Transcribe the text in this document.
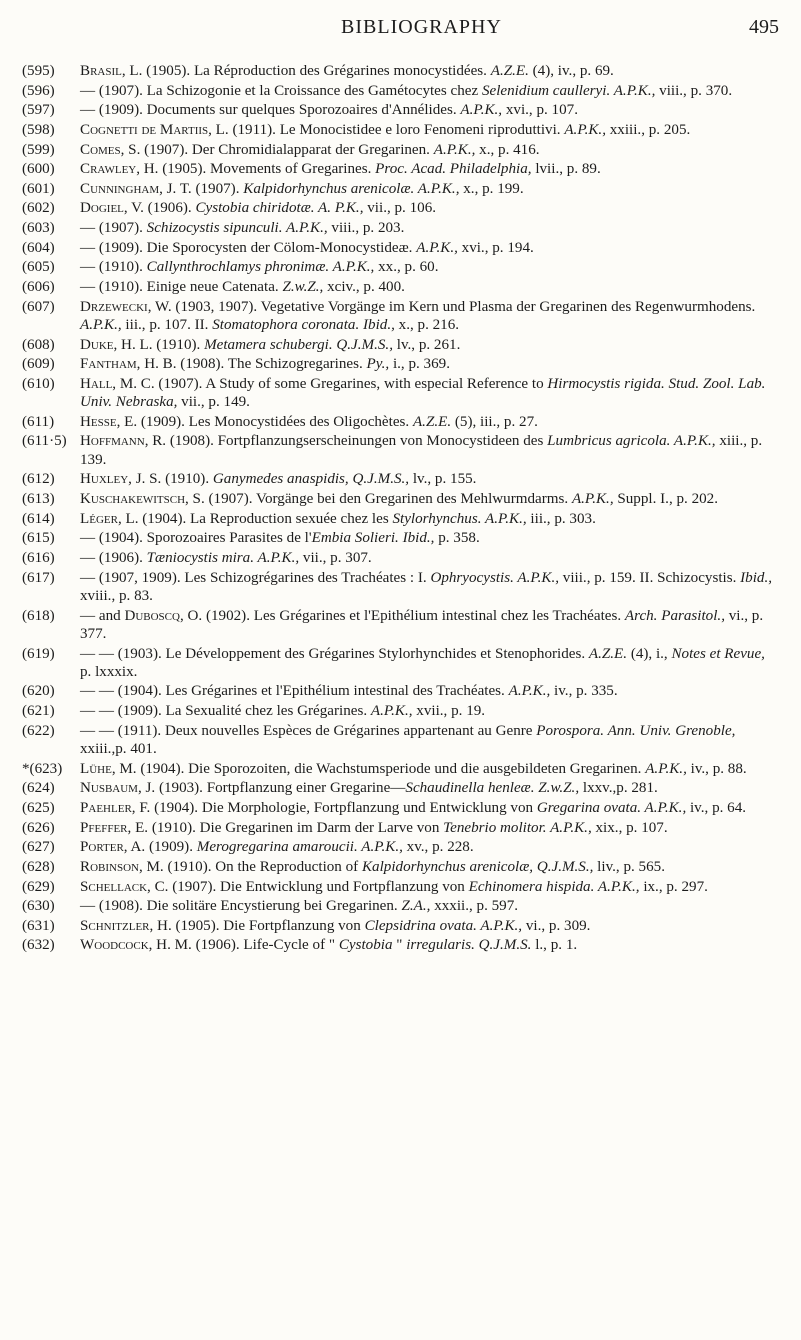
BIBLIOGRAPHY	495
(595)	Brasil, L. (1905). La Réproduction des Grégarines monocystidées. A.Z.E. (4), iv., p. 69.
(596)	— (1907). La Schizogonie et la Croissance des Gamétocytes chez Selenidium caulleryi. A.P.K., viii., p. 370.
(597)	— (1909). Documents sur quelques Sporozoaires d'Annélides. A.P.K., xvi., p. 107.
(598)	Cognetti de Martiis, L. (1911). Le Monocistidee e loro Fenomeni riproduttivi. A.P.K., xxiii., p. 205.
(599)	Comes, S. (1907). Der Chromidialapparat der Gregarinen. A.P.K., x., p. 416.
(600)	Crawley, H. (1905). Movements of Gregarines. Proc. Acad. Philadelphia, lvii., p. 89.
(601)	Cunningham, J. T. (1907). Kalpidorhynchus arenicolæ. A.P.K., x., p. 199.
(602)	Dogiel, V. (1906). Cystobia chiridotæ. A. P.K., vii., p. 106.
(603)	— (1907). Schizocystis sipunculi. A.P.K., viii., p. 203.
(604)	— (1909). Die Sporocysten der Cölom-Monocystideæ. A.P.K., xvi., p. 194.
(605)	— (1910). Callynthrochlamys phronimæ. A.P.K., xx., p. 60.
(606)	— (1910). Einige neue Catenata. Z.w.Z., xciv., p. 400.
(607)	Drzewecki, W. (1903, 1907). Vegetative Vorgänge im Kern und Plasma der Gregarinen des Regenwurmhodens. A.P.K., iii., p. 107. II. Stomatophora coronata. Ibid., x., p. 216.
(608)	Duke, H. L. (1910). Metamera schubergi. Q.J.M.S., lv., p. 261.
(609)	Fantham, H. B. (1908). The Schizogregarines. Py., i., p. 369.
(610)	Hall, M. C. (1907). A Study of some Gregarines, with especial Reference to Hirmocystis rigida. Stud. Zool. Lab. Univ. Nebraska, vii., p. 149.
(611)	Hesse, E. (1909). Les Monocystidées des Oligochètes. A.Z.E. (5), iii., p. 27.
(611·5) Hoffmann, R. (1908). Fortpflanzungserscheinungen von Monocystideen des Lumbricus agricola. A.P.K., xiii., p. 139.
(612)	Huxley, J. S. (1910). Ganymedes anaspidis, Q.J.M.S., lv., p. 155.
(613)	Kuschakewitsch, S. (1907). Vorgänge bei den Gregarinen des Mehlwurmdarms. A.P.K., Suppl. I., p. 202.
(614)	Léger, L. (1904). La Reproduction sexuée chez les Stylorhynchus. A.P.K., iii., p. 303.
(615)	— (1904). Sporozoaires Parasites de l'Embia Solieri. Ibid., p. 358.
(616)	— (1906). Tæniocystis mira. A.P.K., vii., p. 307.
(617)	— (1907, 1909). Les Schizogrégarines des Trachéates : I. Ophryocystis. A.P.K., viii., p. 159. II. Schizocystis. Ibid., xviii., p. 83.
(618)	— and Duboscq, O. (1902). Les Grégarines et l'Epithélium intestinal chez les Trachéates. Arch. Parasitol., vi., p. 377.
(619)	— — (1903). Le Développement des Grégarines Stylorhynchides et Stenophorides. A.Z.E. (4), i., Notes et Revue, p. lxxxix.
(620)	— — (1904). Les Grégarines et l'Epithélium intestinal des Trachéates. A.P.K., iv., p. 335.
(621)	— — (1909). La Sexualité chez les Grégarines. A.P.K., xvii., p. 19.
(622)	— — (1911). Deux nouvelles Espèces de Grégarines appartenant au Genre Porospora. Ann. Univ. Grenoble, xxiii.,p. 401.
*(623)	Lühe, M. (1904). Die Sporozoiten, die Wachstumsperiode und die ausgebildeten Gregarinen. A.P.K., iv., p. 88.
(624)	Nusbaum, J. (1903). Fortpflanzung einer Gregarine—Schaudinella henleæ. Z.w.Z., lxxv.,p. 281.
(625)	Paehler, F. (1904). Die Morphologie, Fortpflanzung und Entwicklung von Gregarina ovata. A.P.K., iv., p. 64.
(626)	Pfeffer, E. (1910). Die Gregarinen im Darm der Larve von Tenebrio molitor. A.P.K., xix., p. 107.
(627)	Porter, A. (1909). Merogregarina amaroucii. A.P.K., xv., p. 228.
(628)	Robinson, M. (1910). On the Reproduction of Kalpidorhynchus arenicolæ, Q.J.M.S., liv., p. 565.
(629)	Schellack, C. (1907). Die Entwicklung und Fortpflanzung von Echinomera hispida. A.P.K., ix., p. 297.
(630)	— (1908). Die solitäre Encystierung bei Gregarinen. Z.A., xxxii., p. 597.
(631)	Schnitzler, H. (1905). Die Fortpflanzung von Clepsidrina ovata. A.P.K., vi., p. 309.
(632)	Woodcock, H. M. (1906). Life-Cycle of " Cystobia " irregularis. Q.J.M.S. l., p. 1.
